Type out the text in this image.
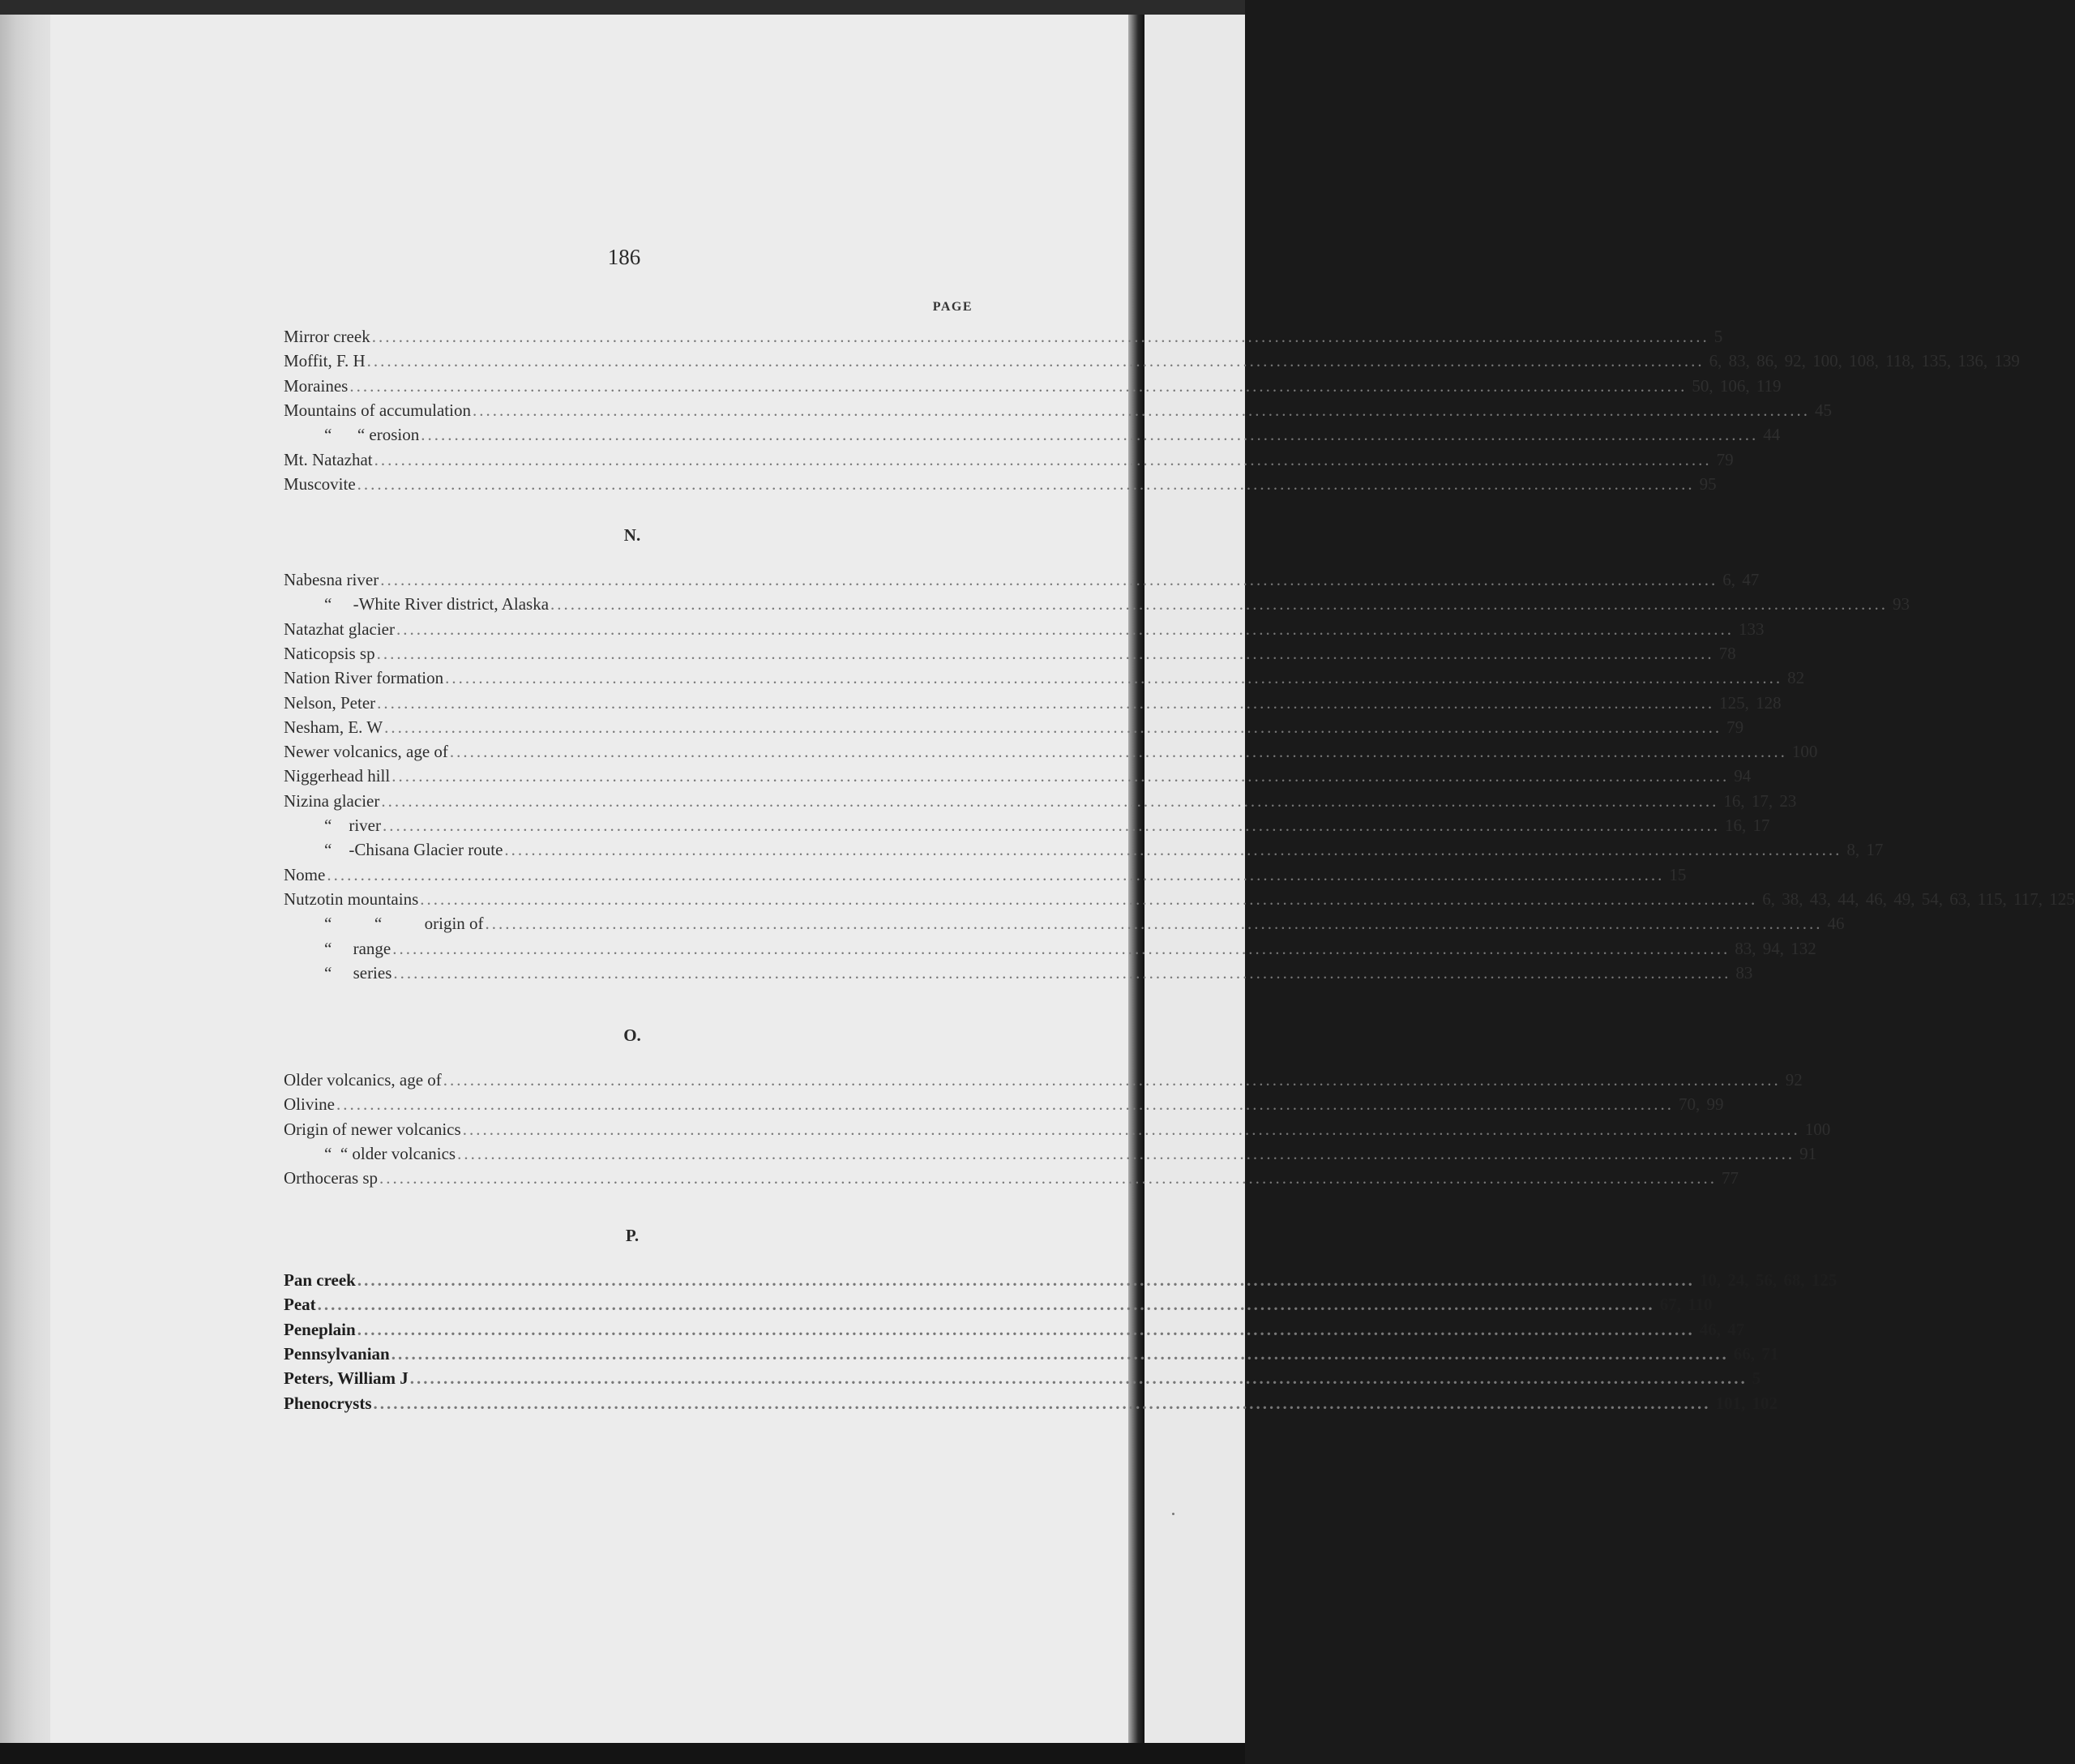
186
PAGE
Mirror creek ........................................................................................................................................................................................................ 5
Moffit, F. H ........................................................................................................................................................................................................ 6, 83, 86, 92, 100, 108, 118, 135, 136, 139
Moraines ........................................................................................................................................................................................................ 50, 106, 119
Mountains of accumulation ........................................................................................................................................................................................................ 45
“      “ erosion ........................................................................................................................................................................................................ 44
Mt. Natazhat ........................................................................................................................................................................................................ 79
Muscovite ........................................................................................................................................................................................................ 95
N.
Nabesna river ........................................................................................................................................................................................................ 6, 47
“     -White River district, Alaska ........................................................................................................................................................................................................ 93
Natazhat glacier ........................................................................................................................................................................................................ 133
Naticopsis sp ........................................................................................................................................................................................................ 78
Nation River formation ........................................................................................................................................................................................................ 82
Nelson, Peter ........................................................................................................................................................................................................ 125, 128
Nesham, E. W ........................................................................................................................................................................................................ 79
Newer volcanics, age of ........................................................................................................................................................................................................ 100
Niggerhead hill ........................................................................................................................................................................................................ 94
Nizina glacier ........................................................................................................................................................................................................ 16, 17, 23
“    river ........................................................................................................................................................................................................ 16, 17
“    -Chisana Glacier route ........................................................................................................................................................................................................ 8, 17
Nome ........................................................................................................................................................................................................ 15
Nutzotin mountains ........................................................................................................................................................................................................ 6, 38, 43, 44, 46, 49, 54, 63, 115, 117, 125
“          “          origin of ........................................................................................................................................................................................................ 46
“     range ........................................................................................................................................................................................................ 83, 94, 132
“     series ........................................................................................................................................................................................................ 83
O.
Older volcanics, age of ........................................................................................................................................................................................................ 92
Olivine ........................................................................................................................................................................................................ 70, 99
Origin of newer volcanics ........................................................................................................................................................................................................ 100
“  “ older volcanics ........................................................................................................................................................................................................ 91
Orthoceras sp ........................................................................................................................................................................................................ 77
P.
Pan creek ........................................................................................................................................................................................................ 10, 24, 56, 68, 125
Peat ........................................................................................................................................................................................................ 67, 110
Peneplain ........................................................................................................................................................................................................ 46, 47
Pennsylvanian ........................................................................................................................................................................................................ 66, 71
Peters, William J ........................................................................................................................................................................................................ 5
Phenocrysts ........................................................................................................................................................................................................ 101, 102
